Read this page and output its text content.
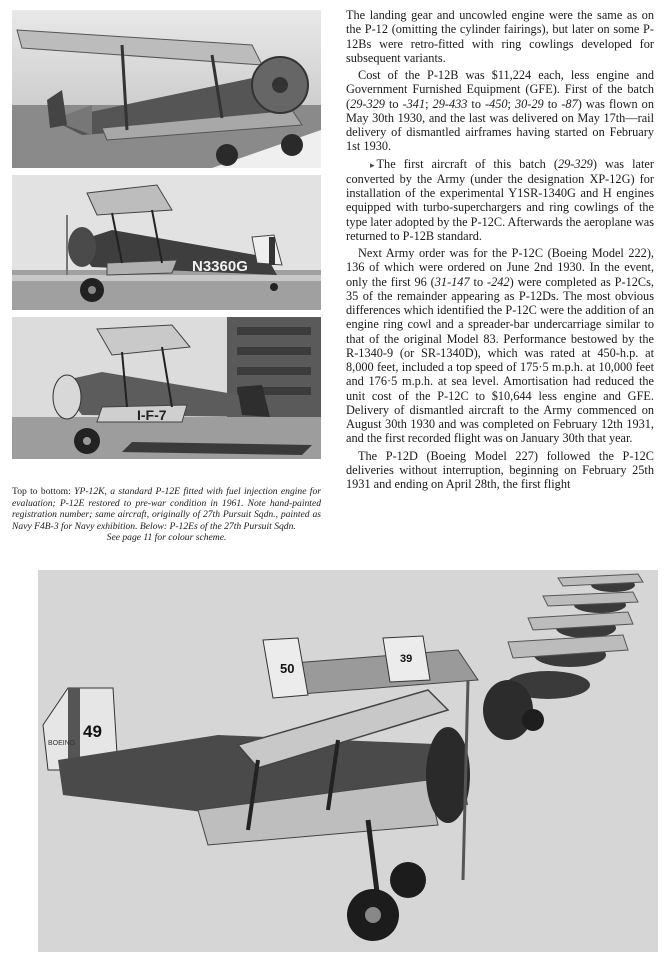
N3360G
I-F-7
Top to bottom: YP-12K, a standard P-12E fitted with fuel injection engine for evaluation; P-12E restored to pre-war condition in 1961. Note hand-painted registration number; same aircraft, originally of 27th Pursuit Sqdn., painted as Navy F4B-3 for Navy exhibition. Below: P-12Es of the 27th Pursuit Sqdn.
See page 11 for colour scheme.

The landing gear and uncowled engine were the same as on the P-12 (omitting the cylinder fairings), but later on some P-12Bs were retro-fitted with ring cowlings developed for subsequent variants.

Cost of the P-12B was $11,224 each, less engine and Government Furnished Equipment (GFE). First of the batch (29-329 to -341; 29-433 to -450; 30-29 to -87) was flown on May 30th 1930, and the last was delivered on May 17th—rail delivery of dismantled airframes having started on February 1st 1930.

▸ The first aircraft of this batch (29-329) was later converted by the Army (under the designation XP-12G) for installation of the experimental Y1SR-1340G and H engines equipped with turbo-superchargers and ring cowlings of the type later adopted by the P-12C. Afterwards the aeroplane was returned to P-12B standard.

Next Army order was for the P-12C (Boeing Model 222), 136 of which were ordered on June 2nd 1930. In the event, only the first 96 (31-147 to -242) were completed as P-12Cs, 35 of the remainder appearing as P-12Ds. The most obvious differences which identified the P-12C were the addition of an engine ring cowl and a spreader-bar undercarriage similar to that of the original Model 83. Performance bestowed by the R-1340-9 (or SR-1340D), which was rated at 450-h.p. at 8,000 feet, included a top speed of 175·5 m.p.h. at 10,000 feet and 176·5 m.p.h. at sea level. Amortisation had reduced the unit cost of the P-12C to $10,644 less engine and GFE. Delivery of dismantled aircraft to the Army commenced on August 30th 1930 and was completed on February 12th 1931, and the first recorded flight was on January 30th that year.

The P-12D (Boeing Model 227) followed the P-12C deliveries without interruption, beginning on February 25th 1931 and ending on April 28th, the first flight

50
39
49
BOEING
